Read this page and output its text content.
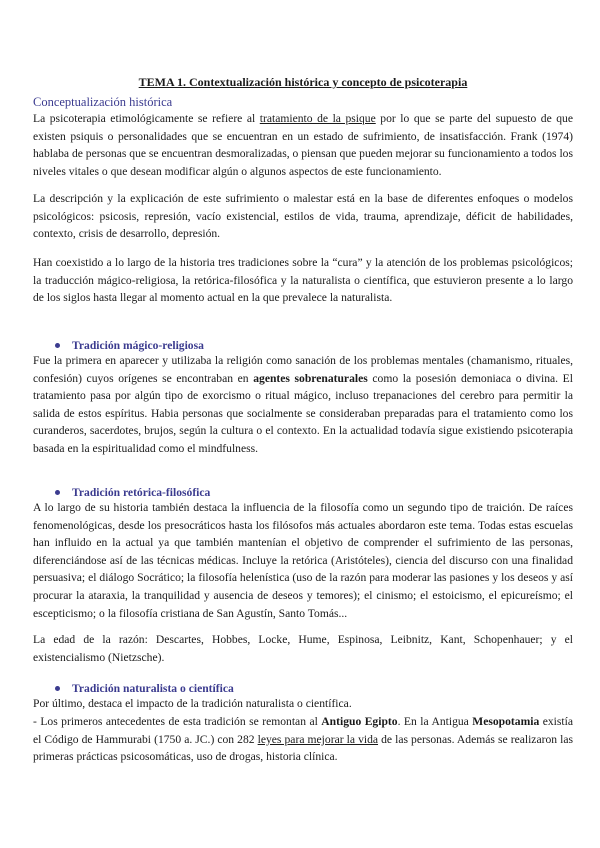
TEMA 1. Contextualización histórica y concepto de psicoterapia
Conceptualización histórica

La psicoterapia etimológicamente se refiere al tratamiento de la psique por lo que se parte del supuesto de que existen psiquis o personalidades que se encuentran en un estado de sufrimiento, de insatisfacción. Frank (1974) hablaba de personas que se encuentran desmoralizadas, o piensan que pueden mejorar su funcionamiento a todos los niveles vitales o que desean modificar algún o algunos aspectos de este funcionamiento.

La descripción y la explicación de este sufrimiento o malestar está en la base de diferentes enfoques o modelos psicológicos: psicosis, represión, vacío existencial, estilos de vida, trauma, aprendizaje, déficit de habilidades, contexto, crisis de desarrollo, depresión.

Han coexistido a lo largo de la historia tres tradiciones sobre la “cura” y la atención de los problemas psicológicos; la traducción mágico-religiosa, la retórica-filosófica y la naturalista o científica, que estuvieron presente a lo largo de los siglos hasta llegar al momento actual en la que prevalece la naturalista.

Tradición mágico-religiosa

Fue la primera en aparecer y utilizaba la religión como sanación de los problemas mentales (chamanismo, rituales, confesión) cuyos orígenes se encontraban en agentes sobrenaturales como la posesión demoniaca o divina. El tratamiento pasa por algún tipo de exorcismo o ritual mágico, incluso trepanaciones del cerebro para permitir la salida de estos espíritus. Habia personas que socialmente se consideraban preparadas para el tratamiento como los curanderos, sacerdotes, brujos, según la cultura o el contexto. En la actualidad todavía sigue existiendo psicoterapia basada en la espiritualidad como el mindfulness.

Tradición retórica-filosófica

A lo largo de su historia también destaca la influencia de la filosofía como un segundo tipo de traición. De raíces fenomenológicas, desde los presocráticos hasta los filósofos más actuales abordaron este tema. Todas estas escuelas han influido en la actual ya que también mantenían el objetivo de comprender el sufrimiento de las personas, diferenciándose así de las técnicas médicas. Incluye la retórica (Aristóteles), ciencia del discurso con una finalidad persuasiva; el diálogo Socrático; la filosofía helenística (uso de la razón para moderar las pasiones y los deseos y así procurar la ataraxia, la tranquilidad y ausencia de deseos y temores); el cinismo; el estoicismo, el epicureísmo; el escepticismo; o la filosofía cristiana de San Agustín, Santo Tomás...

La edad de la razón: Descartes, Hobbes, Locke, Hume, Espinosa, Leibnitz, Kant, Schopenhauer; y el existencialismo (Nietzsche).

Tradición naturalista o científica

Por último, destaca el impacto de la tradición naturalista o científica.

- Los primeros antecedentes de esta tradición se remontan al Antiguo Egipto. En la Antigua Mesopotamia existía el Código de Hammurabi (1750 a. JC.) con 282 leyes para mejorar la vida de las personas. Además se realizaron las primeras prácticas psicosomáticas, uso de drogas, historia clínica.
